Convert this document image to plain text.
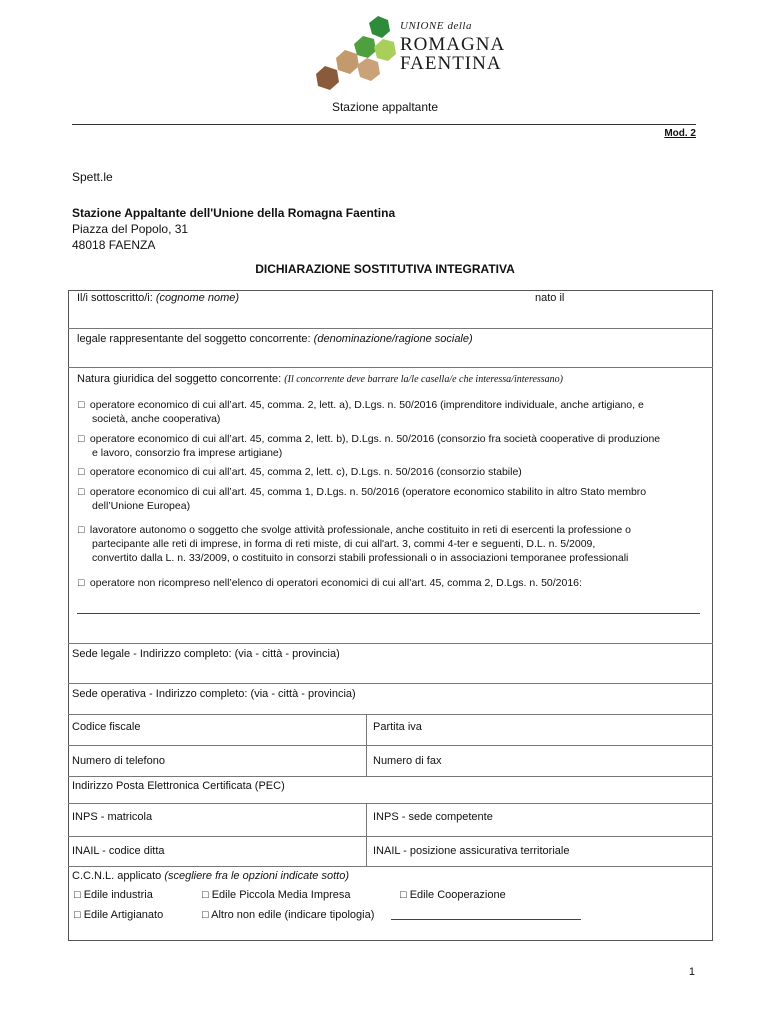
UNIONE della
ROMAGNA
FAENTINA
Stazione appaltante
Mod. 2
Spett.le
Stazione Appaltante dell'Unione della Romagna Faentina
Piazza del Popolo, 31
48018 FAENZA
DICHIARAZIONE SOSTITUTIVA INTEGRATIVA
Il/i sottoscritto/i: (cognome nome)	nato il
legale rappresentante del soggetto concorrente: (denominazione/ragione sociale)
Natura giuridica del soggetto concorrente: (Il concorrente deve barrare la/le casella/e che interessa/interessano)
□ operatore economico di cui all’art. 45, comma. 2, lett. a), D.Lgs. n. 50/2016 (imprenditore individuale, anche artigiano, e
società, anche cooperativa)
□ operatore economico di cui all’art. 45, comma 2, lett. b), D.Lgs. n. 50/2016 (consorzio fra società cooperative di produzione
e lavoro, consorzio fra imprese artigiane)
□ operatore economico di cui all’art. 45, comma 2, lett. c), D.Lgs. n. 50/2016 (consorzio stabile)
□ operatore economico di cui all’art. 45, comma 1, D.Lgs. n. 50/2016 (operatore economico stabilito in altro Stato membro
dell’Unione Europea)
□ lavoratore autonomo o soggetto che svolge attività professionale, anche costituito in reti di esercenti la professione o
partecipante alle reti di imprese, in forma di reti miste, di cui all'art. 3, commi 4-ter e seguenti, D.L. n. 5/2009,
convertito dalla L. n. 33/2009, o costituito in consorzi stabili professionali o in associazioni temporanee professionali
□ operatore non ricompreso nell’elenco di operatori economici di cui all’art. 45, comma 2, D.Lgs. n. 50/2016:
Sede legale - Indirizzo completo: (via - città - provincia)
Sede operativa - Indirizzo completo: (via - città - provincia)
Codice fiscale	Partita iva
Numero di telefono	Numero di fax
Indirizzo Posta Elettronica Certificata (PEC)
INPS - matricola	INPS - sede competente
INAIL - codice ditta	INAIL - posizione assicurativa territoriale
C.C.N.L. applicato (scegliere fra le opzioni indicate sotto)
□ Edile industria	□ Edile Piccola Media Impresa	□ Edile Cooperazione
□ Edile Artigianato	□ Altro non edile (indicare tipologia)
1
